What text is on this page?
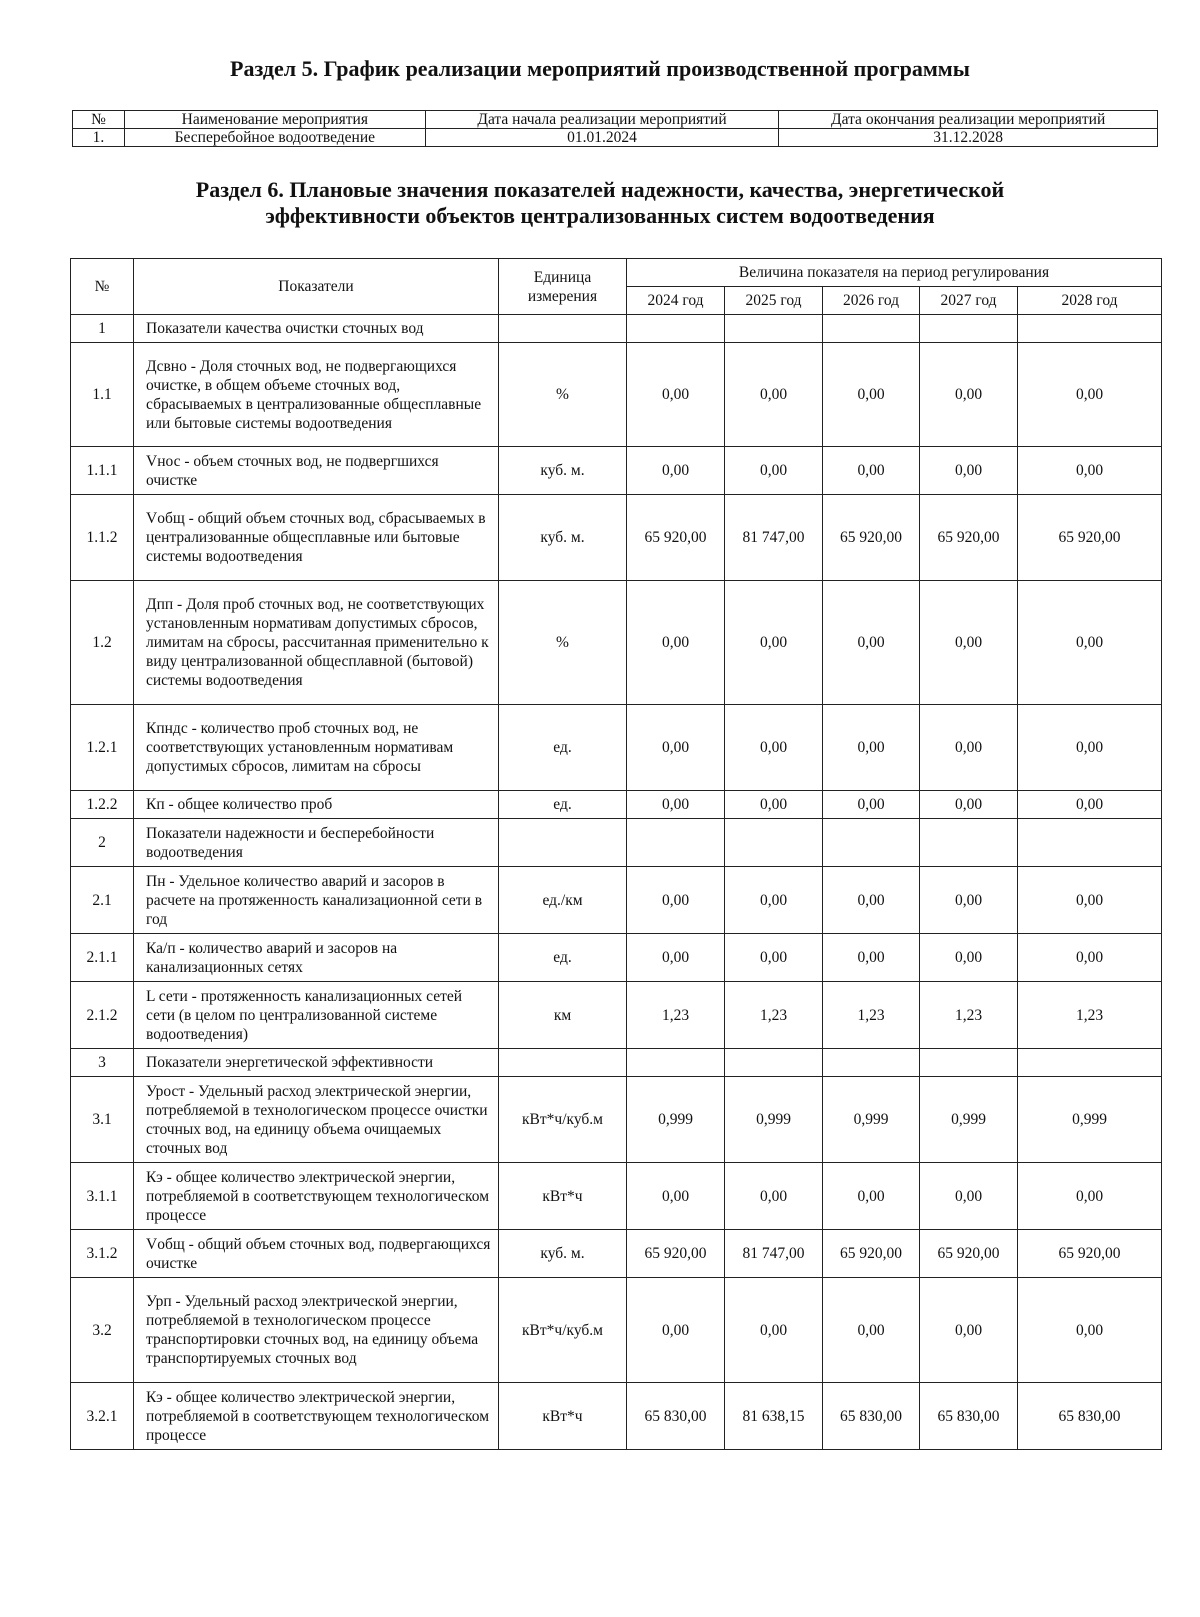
Раздел 5. График реализации мероприятий производственной программы
№	Наименование мероприятия	Дата начала реализации мероприятий	Дата окончания реализации мероприятий
1.	Бесперебойное водоотведение	01.01.2024	31.12.2028
Раздел 6. Плановые значения показателей надежности, качества, энергетической
эффективности объектов централизованных систем водоотведения
№	Показатели	Единица измерения	Величина показателя на период регулирования				
			2024 год	2025 год	2026 год	2027 год	2028 год
1	Показатели качества очистки сточных вод						
1.1	Дсвно - Доля сточных вод, не подвергающихся очистке, в общем объеме сточных вод, сбрасываемых в централизованные общесплавные или бытовые системы водоотведения	%	0,00	0,00	0,00	0,00	0,00
1.1.1	Vнос - объем сточных вод, не подвергшихся очистке	куб. м.	0,00	0,00	0,00	0,00	0,00
1.1.2	Vобщ - общий объем сточных вод, сбрасываемых в централизованные общесплавные или бытовые системы водоотведения	куб. м.	65 920,00	81 747,00	65 920,00	65 920,00	65 920,00
1.2	Дпп - Доля проб сточных вод, не соответствующих установленным нормативам допустимых сбросов, лимитам на сбросы, рассчитанная применительно к виду централизованной общесплавной (бытовой) системы водоотведения	%	0,00	0,00	0,00	0,00	0,00
1.2.1	Кпндс - количество проб сточных вод, не соответствующих установленным нормативам допустимых сбросов, лимитам на сбросы	ед.	0,00	0,00	0,00	0,00	0,00
1.2.2	Кп - общее количество проб	ед.	0,00	0,00	0,00	0,00	0,00
2	Показатели надежности и бесперебойности водоотведения						
2.1	Пн - Удельное количество аварий и засоров в расчете на протяженность канализационной сети в год	ед./км	0,00	0,00	0,00	0,00	0,00
2.1.1	Ка/п - количество аварий и засоров на канализационных сетях	ед.	0,00	0,00	0,00	0,00	0,00
2.1.2	L сети - протяженность канализационных сетей сети (в целом по централизованной системе водоотведения)	км	1,23	1,23	1,23	1,23	1,23
3	Показатели энергетической эффективности						
3.1	Урост - Удельный расход электрической энергии, потребляемой в технологическом процессе очистки сточных вод, на единицу объема очищаемых сточных вод	кВт*ч/куб.м	0,999	0,999	0,999	0,999	0,999
3.1.1	Кэ - общее количество электрической энергии, потребляемой в соответствующем технологическом процессе	кВт*ч	0,00	0,00	0,00	0,00	0,00
3.1.2	Vобщ - общий объем сточных вод, подвергающихся очистке	куб. м.	65 920,00	81 747,00	65 920,00	65 920,00	65 920,00
3.2	Урп - Удельный расход электрической энергии, потребляемой в технологическом процессе транспортировки сточных вод, на единицу объема транспортируемых сточных вод	кВт*ч/куб.м	0,00	0,00	0,00	0,00	0,00
3.2.1	Кэ - общее количество электрической энергии, потребляемой в соответствующем технологическом процессе	кВт*ч	65 830,00	81 638,15	65 830,00	65 830,00	65 830,00
